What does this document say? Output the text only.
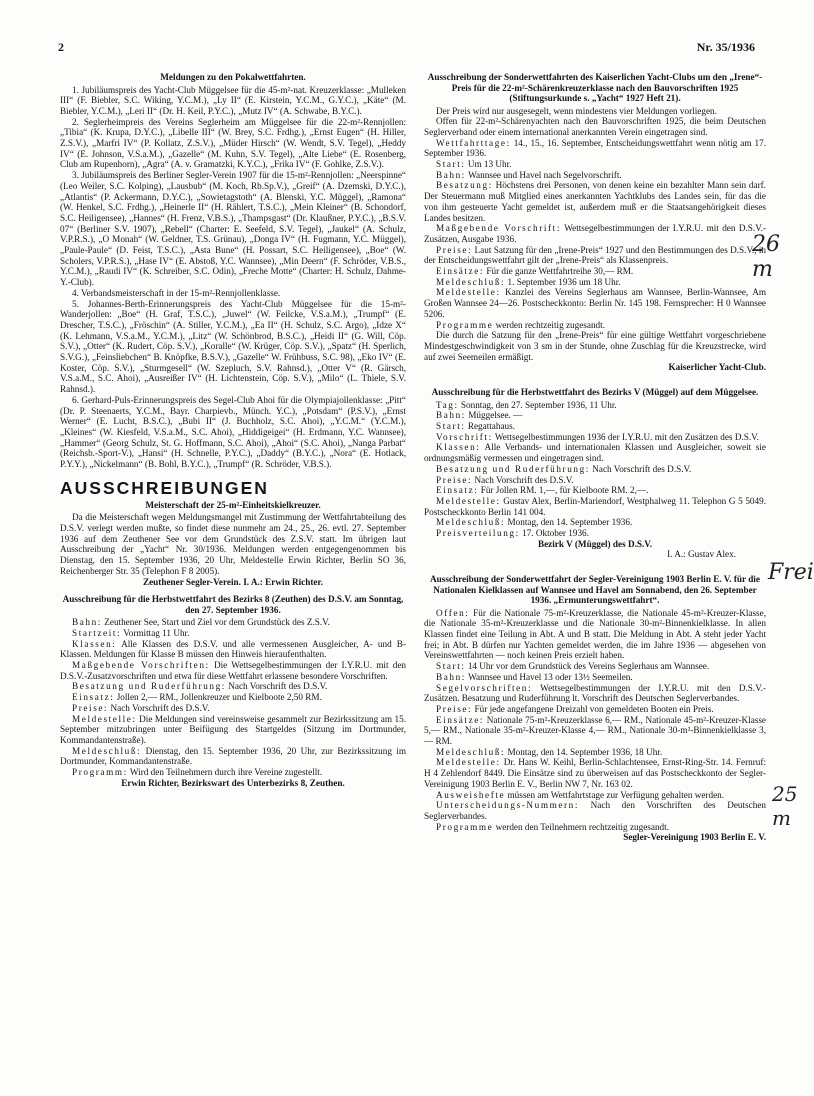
2	Nr. 35/1936
Meldungen zu den Pokalwettfahrten.

1. Jubiläumspreis des Yacht-Club Müggelsee für die 45-m²-nat. Kreuzerklasse: „Mulleken III“ (F. Biebler, S.C. Wiking, Y.C.M.), „Ly II“ (E. Kirstein, Y.C.M., G.Y.C.), „Käte“ (M. Biebler, Y.C.M.), „Leri II“ (Dr. H. Keil, P.Y.C.), „Mutz IV“ (A. Schwabe, B.Y.C.).

2. Seglerheimpreis des Vereins Seglerheim am Müggelsee für die 22-m²-Rennjollen: „Tibia“ (K. Krupa, D.Y.C.), „Libelle III“ (W. Brey, S.C. Frdhg.), „Ernst Eugen“ (H. Hiller, Z.S.V.), „Marfri IV“ (P. Kollatz, Z.S.V.), „Müder Hirsch“ (W. Wendt, S.V. Tegel), „Heddy IV“ (E. Johnson, V.S.a.M.), „Gazelle“ (M. Kuhn, S.V. Tegel), „Alte Liebe“ (E. Rosenberg, Club am Rupenhorn), „Agra“ (A. v. Gramatzki, K.Y.C.), „Frika IV“ (F. Gohlke, Z.S.V.).

3. Jubiläumspreis des Berliner Segler-Verein 1907 für die 15-m²-Rennjollen: „Neerspinne“ (Leo Weiler, S.C. Kolping), „Lausbub“ (M. Koch, Rb.Sp.V.), „Greif“ (A. Dzemski, D.Y.C.), „Atlantis“ (P. Ackermann, D.Y.C.), „Sowietagstoth“ (A. Blenski, Y.C. Müggel), „Ramona“ (W. Henkel, S.C. Frdhg.), „Heinerle II“ (H. Rählert, T.S.C.), „Mein Kleiner“ (B. Schondorf, S.C. Heiligensee), „Hannes“ (H. Frenz, V.B.S.), „Thampsgast“ (Dr. Klaußner, P.Y.C.), „B.S.V. 07“ (Berliner S.V. 1907), „Rebell“ (Charter: E. Seefeld, S.V. Tegel), „Jaukel“ (A. Schulz, V.P.R.S.), „O Monah“ (W. Geldner, T.S. Grünau), „Donga IV“ (H. Fugmann, Y.C. Müggel), „Paule-Paule“ (D. Feist, T.S.C.), „Asta Bune“ (H. Possart, S.C. Heiligensee), „Boe“ (W. Scholers, V.P.R.S.), „Hase IV“ (E. Abstoß, Y.C. Wannsee), „Min Deern“ (F. Schröder, V.B.S., Y.C.M.), „Raudi IV“ (K. Schreiber, S.C. Odin), „Freche Motte“ (Charter: H. Schulz, Dahme-Y.-Club).

4. Verbandsmeisterschaft in der 15-m²-Rennjollenklasse.

5. Johannes-Berth-Erinnerungspreis des Yacht-Club Müggelsee für die 15-m²-Wanderjollen: „Boe“ (H. Graf, T.S.C.), „Juwel“ (W. Feilcke, V.S.a.M.), „Trumpf“ (E. Drescher, T.S.C.), „Fröschin“ (A. Stiller, Y.C.M.), „Ea II“ (H. Schulz, S.C. Argo), „Idze X“ (K. Lehmann, V.S.a.M., Y.C.M.), „Litz“ (W. Schönbrod, B.S.C.), „Heidi II“ (G. Will, Cöp. S.V.), „Otter“ (K. Rudert, Cöp. S.V.), „Koralle“ (W. Krüger, Cöp. S.V.), „Spatz“ (H. Sperlich, S.V.G.), „Feinsliebchen“ B. Knöpfke, B.S.V.), „Gazelle“ W. Frühbuss, S.C. 98), „Eko IV“ (E. Koster, Cöp. S.V.), „Sturmgesell“ (W. Szepluch, S.V. Rahnsd.), „Otter V“ (R. Gärsch, V.S.a.M., S.C. Ahoi), „Ausreißer IV“ (H. Lichtenstein, Cöp. S.V.), „Milo“ (L. Thiele, S.V. Rahnsd.).

6. Gerhard-Puls-Erinnerungspreis des Segel-Club Ahoi für die Olympiajollenklasse: „Pitt“ (Dr. P. Steenaerts, Y.C.M., Bayr. Charpievb., Münch. Y.C.), „Potsdam“ (P.S.V.), „Ernst Werner“ (E. Lucht, B.S.C.), „Bubi II“ (J. Buchholz, S.C. Ahoi), „Y.C.M.“ (Y.C.M.), „Kleines“ (W. Kiesfeld, V.S.a.M., S.C. Ahoi), „Hiddigeigei“ (H. Erdmann, Y.C. Wannsee), „Hammer“ (Georg Schulz, St. G. Hoffmann, S.C. Ahoi), „Ahoi“ (S.C. Ahoi), „Nanga Parbat“ (Reichsb.-Sport-V.), „Hansi“ (H. Schnelle, P.Y.C.), „Daddy“ (B.Y.C.), „Nora“ (E. Hotlack, P.Y.Y.), „Nickelmann“ (B. Bohl, B.Y.C.), „Trumpf“ (R. Schröder, V.B.S.).

AUSSCHREIBUNGEN
Meisterschaft der 25-m²-Einheitskielkreuzer.

Da die Meisterschaft wegen Meldungsmangel mit Zustimmung der Wettfahrtabteilung des D.S.V. verlegt werden mußte, so findet diese nunmehr am 24., 25., 26. evtl. 27. September 1936 auf dem Zeuthener See vor dem Grundstück des Z.S.V. statt. Im übrigen laut Ausschreibung der „Yacht“ Nr. 30/1936. Meldungen werden entgegengenommen bis Dienstag, den 15. September 1936, 20 Uhr, Meldestelle Erwin Richter, Berlin SO 36, Reichenberger Str. 35 (Telephon F 8 2005).

Zeuthener Segler-Verein. I. A.: Erwin Richter.
Ausschreibung für die Herbstwettfahrt des Bezirks 8 (Zeuthen) des D.S.V. am Sonntag, den 27. September 1936.

Bahn: Zeuthener See, Start und Ziel vor dem Grundstück des Z.S.V.

Startzeit: Vormittag 11 Uhr.

Klassen: Alle Klassen des D.S.V. und alle vermessenen Ausgleicher, A- und B-Klassen. Meldungen für Klasse B müssen den Hinweis hieraufenthalten.

Maßgebende Vorschriften: Die Wettsegelbestimmungen der I.Y.R.U. mit den D.S.V.-Zusatzvorschriften und etwa für diese Wettfahrt erlassene besondere Vorschriften.

Besatzung und Ruderführung: Nach Vorschrift des D.S.V.

Einsatz: Jollen 2,— RM., Jollenkreuzer und Kielboote 2,50 RM.

Preise: Nach Vorschrift des D.S.V.

Meldestelle: Die Meldungen sind vereinsweise gesammelt zur Bezirkssitzung am 15. September mitzubringen unter Beifügung des Startgeldes (Sitzung im Dortmunder, Kommandantenstraße).

Meldeschluß: Dienstag, den 15. September 1936, 20 Uhr, zur Bezirkssitzung im Dortmunder, Kommandantenstraße.

Programm: Wird den Teilnehmern durch ihre Vereine zugestellt.

Erwin Richter, Bezirkswart des Unterbezirks 8, Zeuthen.
Ausschreibung der Sonderwettfahrten des Kaiserlichen Yacht-Clubs um den „Irene“-Preis für die 22-m²-Schärenkreuzerklasse nach den Bauvorschriften 1925 (Stiftungsurkunde s. „Yacht“ 1927 Heft 21).

Der Preis wird nur ausgesegelt, wenn mindestens vier Meldungen vorliegen.

Offen für 22-m²-Schärenyachten nach den Bauvorschriften 1925, die beim Deutschen Seglerverband oder einem international anerkannten Verein eingetragen sind.

Wettfahrttage: 14., 15., 16. September, Entscheidungswettfahrt wenn nötig am 17. September 1936.

Start: Um 13 Uhr.

Bahn: Wannsee und Havel nach Segelvorschrift.

Besatzung: Höchstens drei Personen, von denen keine ein bezahlter Mann sein darf. Der Steuermann muß Mitglied eines anerkannten Yachtklubs des Landes sein, für das die von ihm gesteuerte Yacht gemeldet ist, außerdem muß er die Staatsangehörigkeit dieses Landes besitzen.

Maßgebende Vorschrift: Wettsegelbestimmungen der I.Y.R.U. mit den D.S.V.-Zusätzen, Ausgabe 1936.

Preise: Laut Satzung für den „Irene-Preis“ 1927 und den Bestimmungen des D.S.V., in der Entscheidungswettfahrt gilt der „Irene-Preis“ als Klassenpreis.

Einsätze: Für die ganze Wettfahrtreihe 30,— RM.

Meldeschluß: 1. September 1936 um 18 Uhr.

Meldestelle: Kanzlei des Vereins Seglerhaus am Wannsee, Berlin-Wannsee, Am Großen Wannsee 24—26. Postscheckkonto: Berlin Nr. 145 198. Fernsprecher: H 0 Wannsee 5206.

Programme werden rechtzeitig zugesandt.

Die durch die Satzung für den „Irene-Preis“ für eine gültige Wettfahrt vorgeschriebene Mindestgeschwindigkeit von 3 sm in der Stunde, ohne Zuschlag für die Kreuzstrecke, wird auf zwei Seemeilen ermäßigt.

Kaiserlicher Yacht-Club.
Ausschreibung für die Herbstwettfahrt des Bezirks V (Müggel) auf dem Müggelsee.

Tag: Sonntag, den 27. September 1936, 11 Uhr.

Bahn: Müggelsee. —

Start: Regattahaus.

Vorschrift: Wettsegelbestimmungen 1936 der I.Y.R.U. mit den Zusätzen des D.S.V.

Klassen: Alle Verbands- und internationalen Klassen und Ausgleicher, soweit sie ordnungsmäßig vermessen und eingetragen sind.

Besatzung und Ruderführung: Nach Vorschrift des D.S.V.

Preise: Nach Vorschrift des D.S.V.

Einsatz: Für Jollen RM. 1,—, für Kielboote RM. 2,—.

Meldestelle: Gustav Alex, Berlin-Mariendorf, Westphalweg 11. Telephon G 5 5049. Postscheckkonto Berlin 141 004.

Meldeschluß: Montag, den 14. September 1936.

Preisverteilung: 17. Oktober 1936.

Bezirk V (Müggel) des D.S.V.
I. A.: Gustav Alex.
Ausschreibung der Sonderwettfahrt der Segler-Vereinigung 1903 Berlin E. V. für die Nationalen Kielklassen auf Wannsee und Havel am Sonnabend, den 26. September 1936. „Ermunterungswettfahrt“.

Offen: Für die Nationale 75-m²-Kreuzerklasse, die Nationale 45-m²-Kreuzer-Klasse, die Nationale 35-m²-Kreuzerklasse und die Nationale 30-m²-Binnenkielklasse. In allen Klassen findet eine Teilung in Abt. A und B statt. Die Meldung in Abt. A steht jeder Yacht frei; in Abt. B dürfen nur Yachten gemeldet werden, die im Jahre 1936 — abgesehen von Vereinswettfahrten — noch keinen Preis erzielt haben.

Start: 14 Uhr vor dem Grundstück des Vereins Seglerhaus am Wannsee.

Bahn: Wannsee und Havel 13 oder 13½ Seemeilen.

Segelvorschriften: Wettsegelbestimmungen der I.Y.R.U. mit den D.S.V.-Zusätzen. Besatzung und Ruderführung lt. Vorschrift des Deutschen Seglerverbandes.

Preise: Für jede angefangene Dreizahl von gemeldeten Booten ein Preis.

Einsätze: Nationale 75-m²-Kreuzerklasse 6,— RM., Nationale 45-m²-Kreuzer-Klasse 5,— RM., Nationale 35-m²-Kreuzer-Klasse 4,— RM., Nationale 30-m²-Binnenkielklasse 3,— RM.

Meldeschluß: Montag, den 14. September 1936, 18 Uhr.

Meldestelle: Dr. Hans W. Keihl, Berlin-Schlachtensee, Ernst-Ring-Str. 14. Fernruf: H 4 Zehlendorf 8449. Die Einsätze sind zu überweisen auf das Postscheckkonto der Segler-Vereinigung 1903 Berlin E. V., Berlin NW 7, Nr. 163 02.

Ausweishefte müssen am Wettfahrtstage zur Verfügung gehalten werden.

Unterscheidungs-Nummern: Nach den Vorschriften des Deutschen Seglerverbandes.

Programme werden den Teilnehmern rechtzeitig zugesandt.

Segler-Vereinigung 1903 Berlin E. V.
26 m
Frei
25 m
